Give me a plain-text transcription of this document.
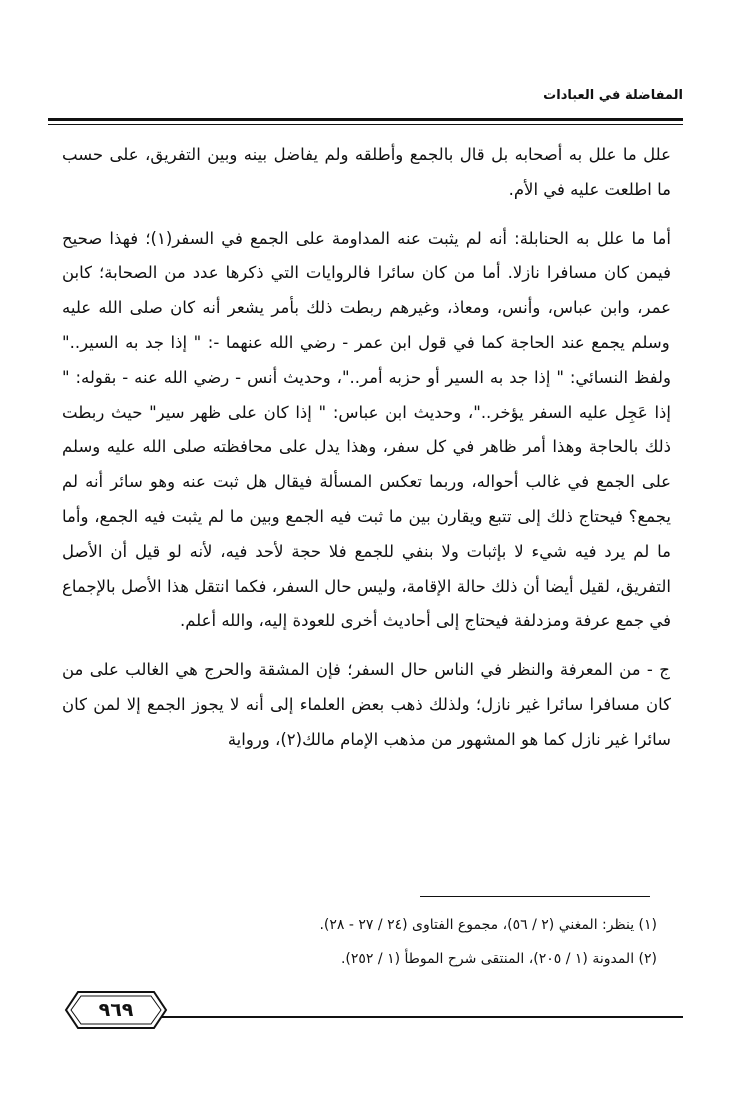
المفاضلة في العبادات

علل ما علل به أصحابه بل قال بالجمع وأطلقه ولم يفاضل بينه وبين التفريق، على حسب ما اطلعت عليه في الأم.

أما ما علل به الحنابلة: أنه لم يثبت عنه المداومة على الجمع في السفر(١)؛ فهذا صحيح فيمن كان مسافرا نازلا. أما من كان سائرا فالروايات التي ذكرها عدد من الصحابة؛ كابن عمر، وابن عباس، وأنس، ومعاذ، وغيرهم ربطت ذلك بأمر يشعر أنه كان صلى الله عليه وسلم يجمع عند الحاجة كما في قول ابن عمر - رضي الله عنهما -: " إذا جد به السير.." ولفظ النسائي: " إذا جد به السير أو حزبه أمر.."، وحديث أنس - رضي الله عنه - بقوله: " إذا عَجِل عليه السفر يؤخر.."، وحديث ابن عباس: " إذا كان على ظهر سير" حيث ربطت ذلك بالحاجة وهذا أمر ظاهر في كل سفر، وهذا يدل على محافظته صلى الله عليه وسلم على الجمع في غالب أحواله، وربما تعكس المسألة فيقال هل ثبت عنه وهو سائر أنه لم يجمع؟ فيحتاج ذلك إلى تتبع ويقارن بين ما ثبت فيه الجمع وبين ما لم يثبت فيه الجمع، وأما ما لم يرد فيه شيء لا بإثبات ولا بنفي للجمع فلا حجة لأحد فيه، لأنه لو قيل أن الأصل التفريق، لقيل أيضا أن ذلك حالة الإقامة، وليس حال السفر، فكما انتقل هذا الأصل بالإجماع في جمع عرفة ومزدلفة فيحتاج إلى أحاديث أخرى للعودة إليه، والله أعلم.

ج - من المعرفة والنظر في الناس حال السفر؛ فإن المشقة والحرج هي الغالب على من كان مسافرا سائرا غير نازل؛ ولذلك ذهب بعض العلماء إلى أنه لا يجوز الجمع إلا لمن كان سائرا غير نازل كما هو المشهور من مذهب الإمام مالك(٢)، ورواية

(١) ينظر: المغني (٢ / ٥٦)، مجموع الفتاوى (٢٤ / ٢٧ - ٢٨).

(٢) المدونة (١ / ٢٠٥)، المنتقى شرح الموطأ (١ / ٢٥٢).

٩٦٩
